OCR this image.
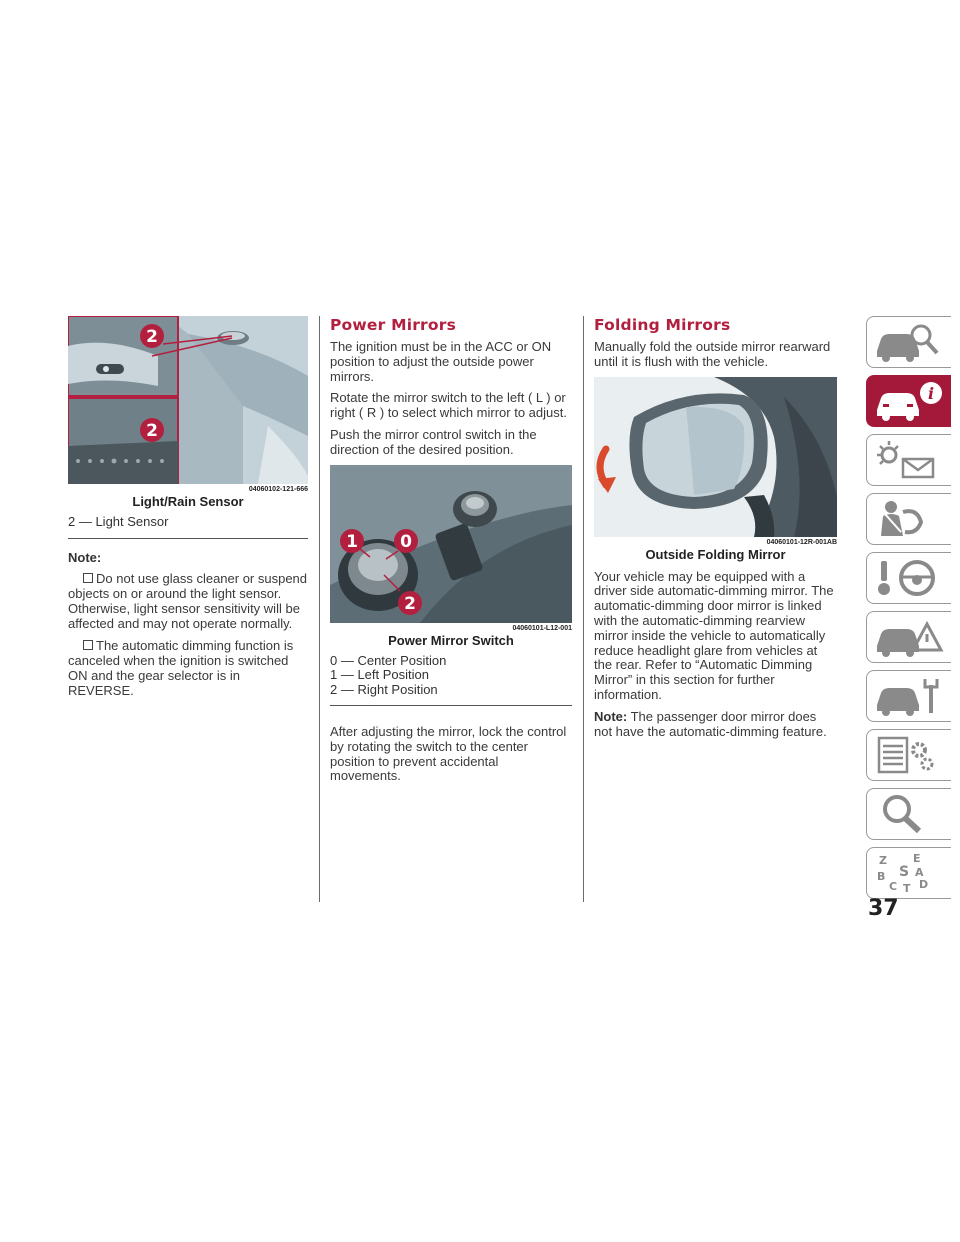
2
2
04060102-121-666
Light/Rain Sensor
2 — Light Sensor

Note:

Do not use glass cleaner or suspend objects on or around the light sensor. Otherwise, light sensor sensitivity will be affected and may not operate normally.
The automatic dimming function is canceled when the ignition is switched ON and the gear selector is in REVERSE.
Power Mirrors

The ignition must be in the ACC or ON position to adjust the outside power mirrors.

Rotate the mirror switch to the left ( L ) or right ( R ) to select which mirror to adjust.

Push the mirror control switch in the direction of the desired position.

1 0
2
04060101-L12-001
Power Mirror Switch
0 — Center Position
1 — Left Position
2 — Right Position

After adjusting the mirror, lock the control by rotating the switch to the center position to prevent accidental movements.

Folding Mirrors

Manually fold the outside mirror rearward until it is flush with the vehicle.

04060101-12R-001AB
Outside Folding Mirror

Your vehicle may be equipped with a driver side automatic-dimming mirror. The automatic-dimming door mirror is linked with the automatic-dimming rearview mirror inside the vehicle to automatically reduce headlight glare from vehicles at the rear. Refer to “Automatic Dimming Mirror” in this section for further information.

Note: The passenger door mirror does not have the automatic-dimming feature.

i
Z E
B S A
C D
T
37
